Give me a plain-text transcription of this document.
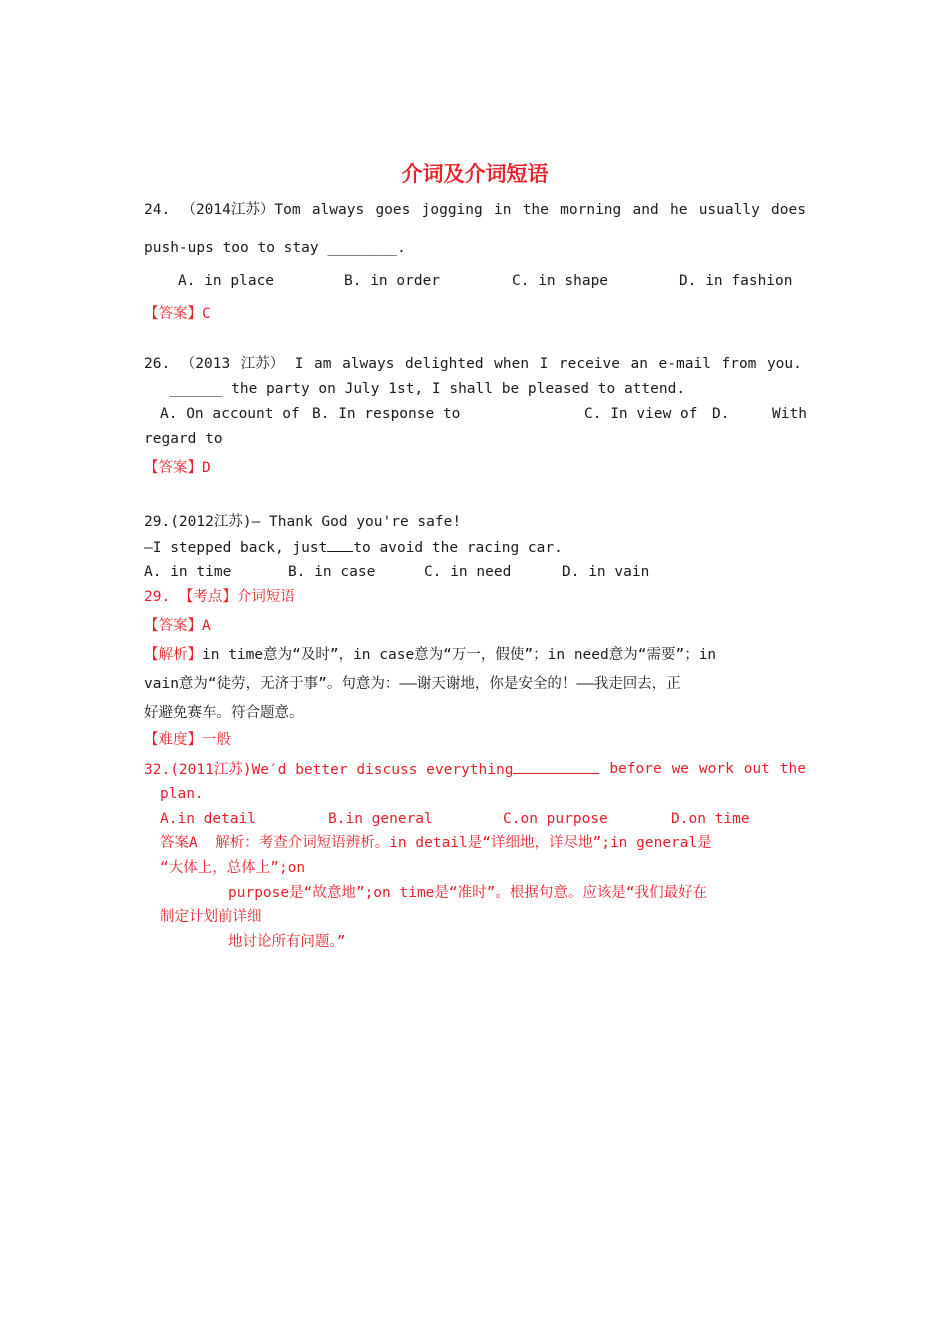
介词及介词短语
24. （2014江苏）Tom always goes jogging in the morning and he usually does
push-ups too to stay ________.
A. in place	B. in order	C. in shape	D. in fashion
【答案】C
26. （2013 江苏） I am always delighted when I receive an e-mail from you.
______ the party on July 1st, I shall be pleased to attend.
A. On account of B. In response to	C. In view of D.	With
regard to
【答案】D
29.(2012江苏)— Thank God you're safe!
—I stepped back, just to avoid the racing car.
A. in time	B. in case	C. in need	D. in vain
29. 【考点】介词短语
【答案】A
【解析】in time意为“及时”，in case意为“万一，假使”；in need意为“需要”；in
vain意为“徒劳，无济于事”。句意为：——谢天谢地，你是安全的！——我走回去，正
好避免赛车。符合题意。
【难度】一般
32.(2011江苏)We′d better discuss everything	before we work out the
plan.
A.in detail	B.in general	C.on purpose	D.on time
答案A  解析：考查介词短语辨析。in detail是“详细地，详尽地”;in general是
“大体上，总体上”;on
purpose是“故意地”;on time是“准时”。根据句意。应该是“我们最好在
制定计划前详细
地讨论所有问题。”
